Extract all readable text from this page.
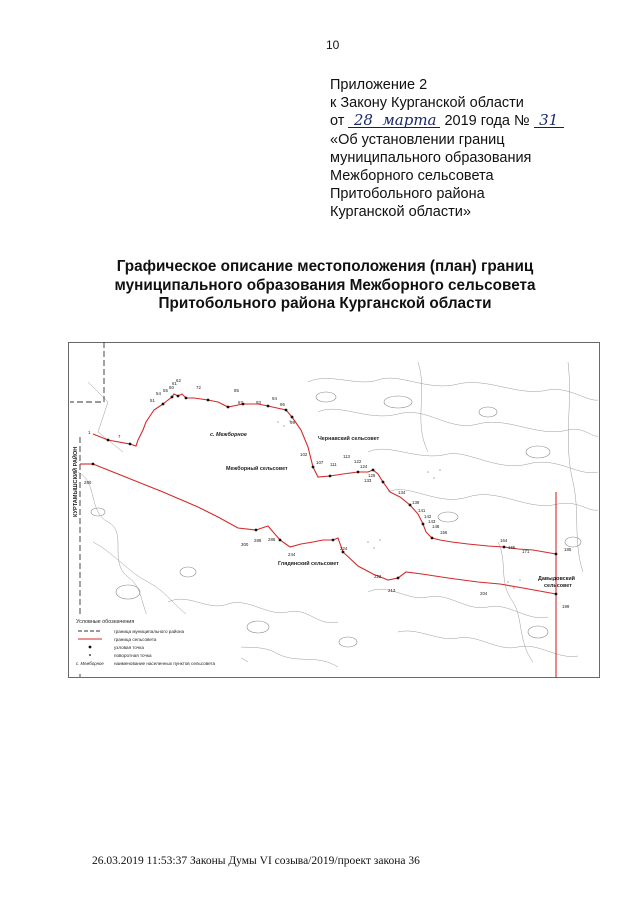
10
Приложение 2
к Закону Курганской области
от 28 марта 2019 года № 31
«Об установлении границ
муниципального образования
Межборного сельсовета
Притобольного района
Курганской области»
Графическое описание местоположения (план) границ
муниципального образования Межборного сельсовета
Притобольного района Курганской области
КУРТАМЫШСКИЙ РАЙОН
1
7
51
54
55
60
61
62
72
85
87	93
94
96
99
102
107 111
113
122
124
125
133
134
139
141
142
143
148
156
164
165
171	185
300
289 286
244
224
222
213
204
199
280
с. Межборное
Межборный сельсовет
Чернавский сельсовет
Глядянский сельсовет
Давыдовский
сельсовет
Условные обозначения
граница муниципального района
граница сельсовета
узловая точка
поворотная точка
с. Межборное наименование населенных пунктов сельсовета
26.03.2019 11:53:37 Законы Думы VI созыва/2019/проект закона 36
